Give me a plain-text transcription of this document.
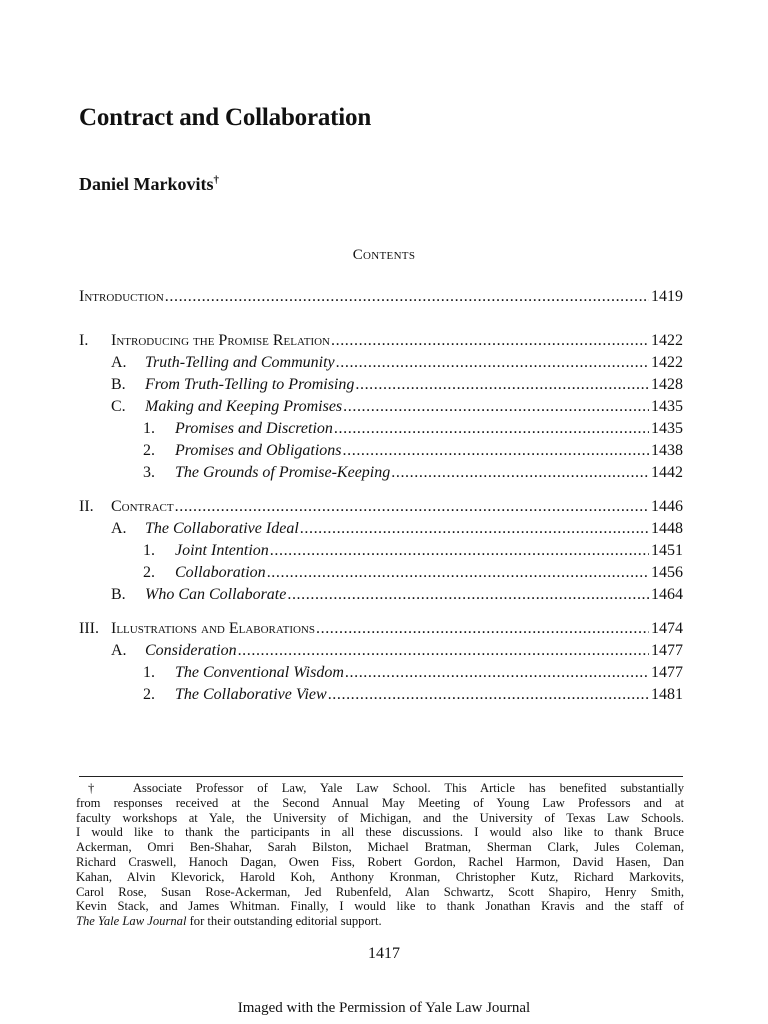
Contract and Collaboration
Daniel Markovits†
Contents
Introduction .....	1419
I.	Introducing the Promise Relation .....	1422
A.	Truth-Telling and Community .....	1422
B.	From Truth-Telling to Promising .....	1428
C.	Making and Keeping Promises .....	1435
1.	Promises and Discretion .....	1435
2.	Promises and Obligations .....	1438
3.	The Grounds of Promise-Keeping .....	1442
II.	Contract .....	1446
A.	The Collaborative Ideal .....	1448
1.	Joint Intention .....	1451
2.	Collaboration .....	1456
B.	Who Can Collaborate .....	1464
III. Illustrations and Elaborations .....	1474
A.	Consideration .....	1477
1.	The Conventional Wisdom .....	1477
2.	The Collaborative View .....	1481
† Associate Professor of Law, Yale Law School. This Article has benefited substantially
from responses received at the Second Annual May Meeting of Young Law Professors and at
faculty workshops at Yale, the University of Michigan, and the University of Texas Law Schools.
I would like to thank the participants in all these discussions. I would also like to thank Bruce
Ackerman, Omri Ben-Shahar, Sarah Bilston, Michael Bratman, Sherman Clark, Jules Coleman,
Richard Craswell, Hanoch Dagan, Owen Fiss, Robert Gordon, Rachel Harmon, David Hasen, Dan
Kahan, Alvin Klevorick, Harold Koh, Anthony Kronman, Christopher Kutz, Richard Markovits,
Carol Rose, Susan Rose-Ackerman, Jed Rubenfeld, Alan Schwartz, Scott Shapiro, Henry Smith,
Kevin Stack, and James Whitman. Finally, I would like to thank Jonathan Kravis and the staff of
The Yale Law Journal for their outstanding editorial support.
1417
Imaged with the Permission of Yale Law Journal
